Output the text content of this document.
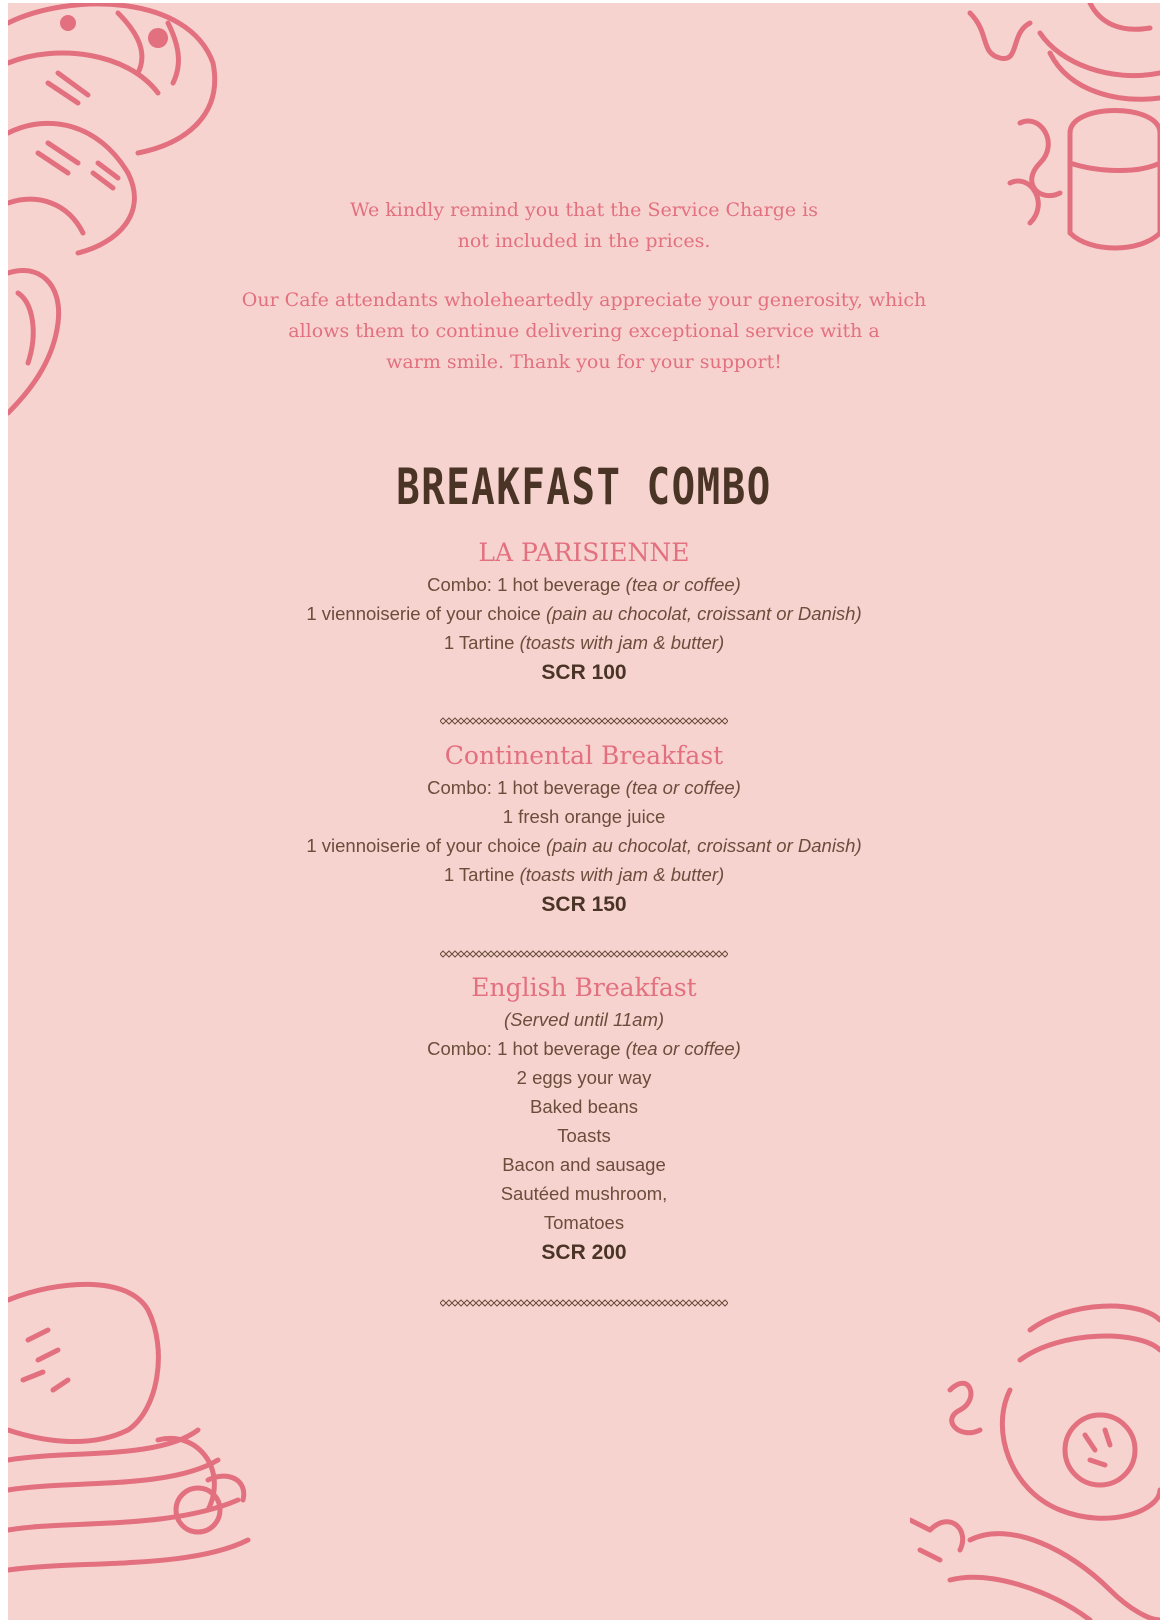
We kindly remind you that the Service Charge is

not included in the prices.

Our Cafe attendants wholeheartedly appreciate your generosity, which

allows them to continue delivering exceptional service with a

warm smile. Thank you for your support!

BREAKFAST COMBO
LA PARISIENNE
Combo: 1 hot beverage (tea or coffee)
1 viennoiserie of your choice (pain au chocolat, croissant or Danish)
1 Tartine (toasts with jam & butter)
SCR 100
Continental Breakfast
Combo: 1 hot beverage (tea or coffee)
1 fresh orange juice
1 viennoiserie of your choice (pain au chocolat, croissant or Danish)
1 Tartine (toasts with jam & butter)
SCR 150
English Breakfast
(Served until 11am)
Combo: 1 hot beverage (tea or coffee)
2 eggs your way
Baked beans
Toasts
Bacon and sausage
Sautéed mushroom,
Tomatoes
SCR 200
